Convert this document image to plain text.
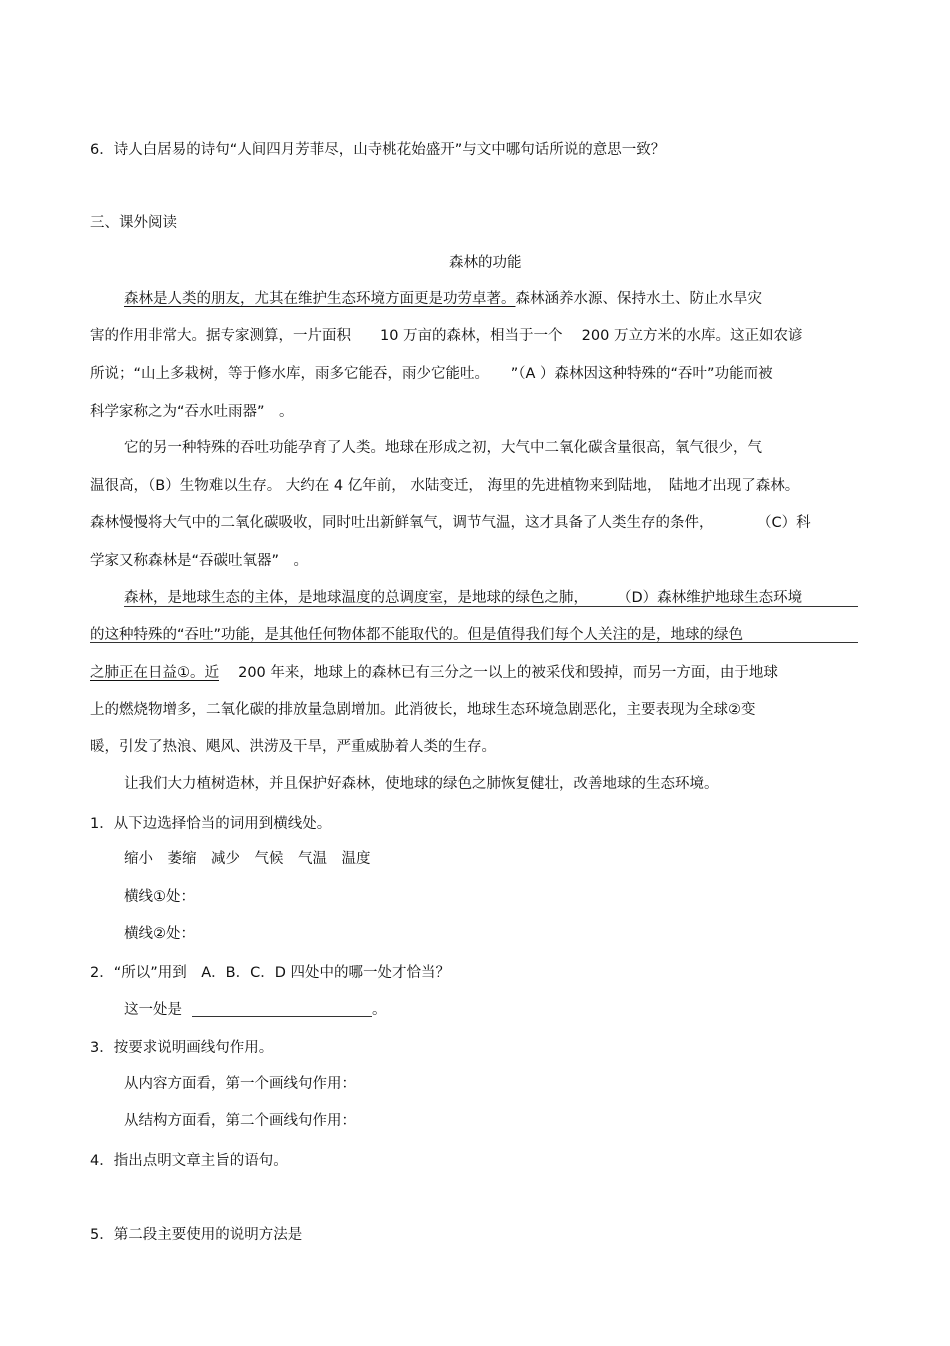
6．诗人白居易的诗句“人间四月芳菲尽，山寺桃花始盛开”与文中哪句话所说的意思一致？
三、课外阅读
森林的功能
森林是人类的朋友，尤其在维护生态环境方面更是功劳卓著。森林涵养水源、保持水土、防止水旱灾
害的作用非常大。据专家测算，一片面积　　10 万亩的森林，相当于一个　 200 万立方米的水库。这正如农谚
所说；“山上多栽树，等于修水库，雨多它能吞，雨少它能吐。　　”（A ）森林因这种特殊的“吞叶”功能而被
科学家称之为“吞水吐雨器”　。
它的另一种特殊的吞吐功能孕育了人类。地球在形成之初，大气中二氧化碳含量很高，氧气很少，气
温很高，（B）生物难以生存。 大约在 4 亿年前， 水陆变迁， 海里的先进植物来到陆地，　陆地才出现了森林。
森林慢慢将大气中的二氧化碳吸收，同时吐出新鲜氧气，调节气温，这才具备了人类生存的条件，　　　　（C）科
学家又称森林是“吞碳吐氧器”　。
森林，是地球生态的主体，是地球温度的总调度室，是地球的绿色之肺，　　　（D）森林维护地球生态环境
的这种特殊的“吞吐”功能，是其他任何物体都不能取代的。但是值得我们每个人关注的是，地球的绿色
之肺正在日益①。近　 200 年来，地球上的森林已有三分之一以上的被采伐和毁掉，而另一方面，由于地球
上的燃烧物增多，二氧化碳的排放量急剧增加。此消彼长，地球生态环境急剧恶化，主要表现为全球②变
暖，引发了热浪、飓风、洪涝及干旱，严重威胁着人类的生存。
让我们大力植树造林，并且保护好森林，使地球的绿色之肺恢复健壮，改善地球的生态环境。
1．从下边选择恰当的词用到横线处。
缩小　萎缩　减少　气候　气温　温度
横线①处：
横线②处：
2．“所以”用到　A．B．C．D 四处中的哪一处才恰当？
这一处是	。
3．按要求说明画线句作用。
从内容方面看，第一个画线句作用：
从结构方面看，第二个画线句作用：
4．指出点明文章主旨的语句。
5．第二段主要使用的说明方法是
